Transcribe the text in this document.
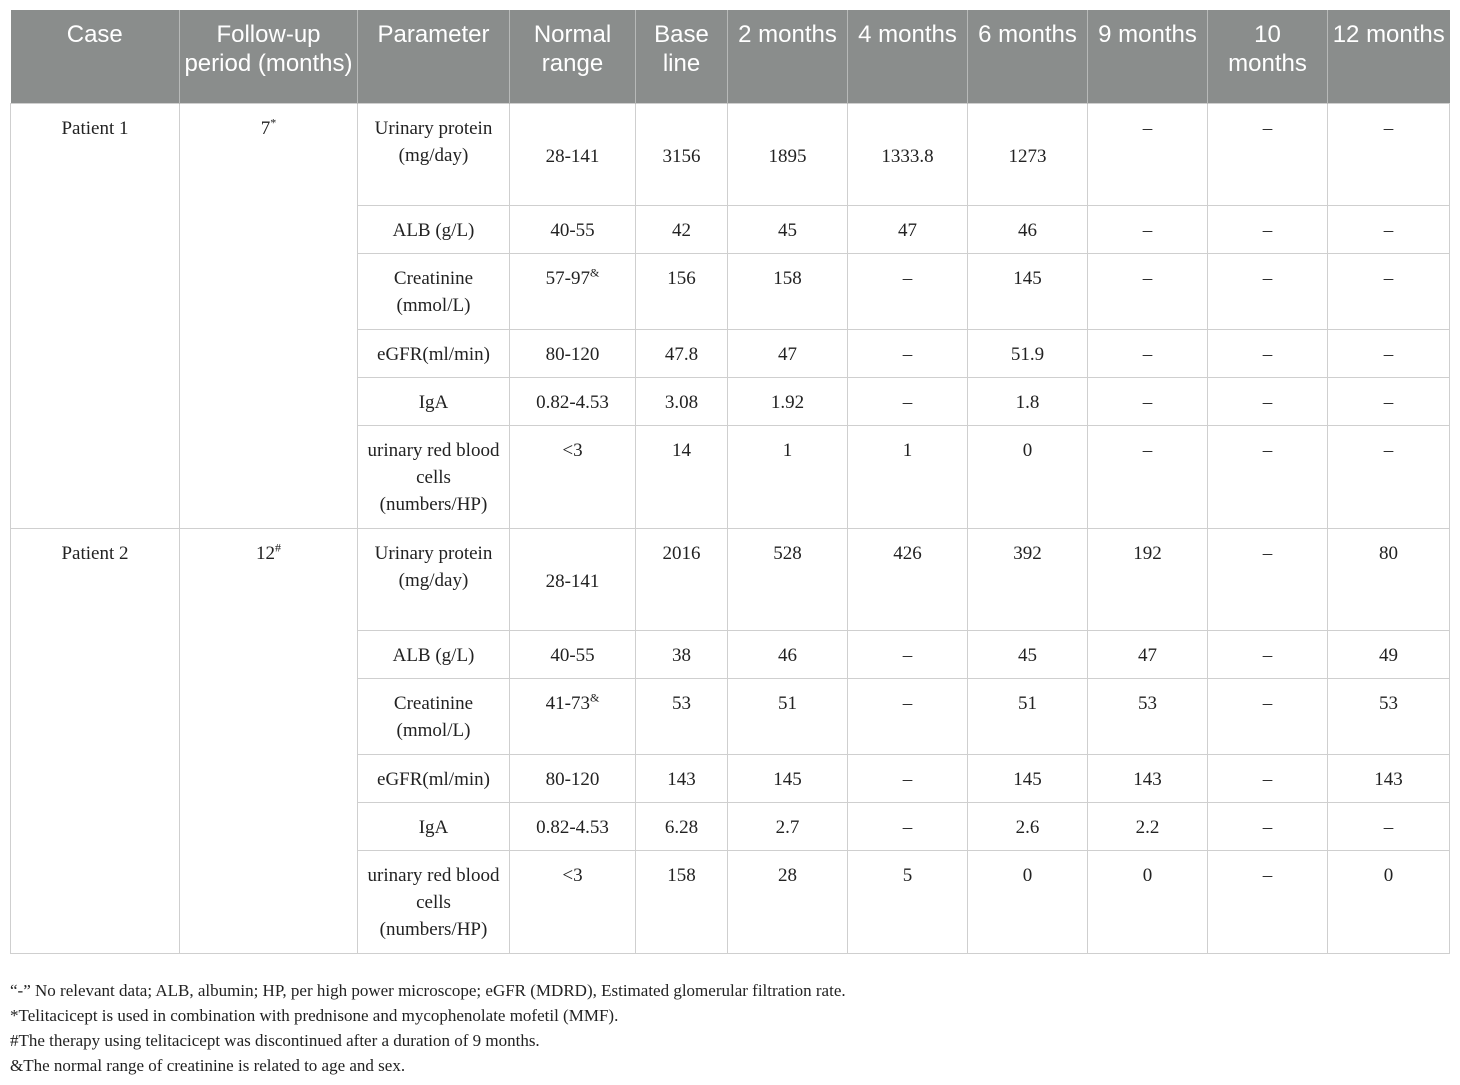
Case	Follow-up period (months)	Parameter	Normal range	Base line	2 months	4 months	6 months	9 months	10 months	12 months
Patient 1	7*	Urinary protein (mg/day)	28-141	3156	1895	1333.8	1273	–	–	–
		ALB (g/L)	40-55	42	45	47	46	–	–	–
		Creatinine (mmol/L)	57-97&	156	158	–	145	–	–	–
		eGFR(ml/min)	80-120	47.8	47	–	51.9	–	–	–
		IgA	0.82-4.53	3.08	1.92	–	1.8	–	–	–
		urinary red blood cells (numbers/HP)	<3	14	1	1	0	–	–	–
Patient 2	12#	Urinary protein (mg/day)	28-141	2016	528	426	392	192	–	80
		ALB (g/L)	40-55	38	46	–	45	47	–	49
		Creatinine (mmol/L)	41-73&	53	51	–	51	53	–	53
		eGFR(ml/min)	80-120	143	145	–	145	143	–	143
		IgA	0.82-4.53	6.28	2.7	–	2.6	2.2	–	–
		urinary red blood cells (numbers/HP)	<3	158	28	5	0	0	–	0
“-” No relevant data; ALB, albumin; HP, per high power microscope; eGFR (MDRD), Estimated glomerular filtration rate.
*Telitacicept is used in combination with prednisone and mycophenolate mofetil (MMF).
#The therapy using telitacicept was discontinued after a duration of 9 months.
&The normal range of creatinine is related to age and sex.
